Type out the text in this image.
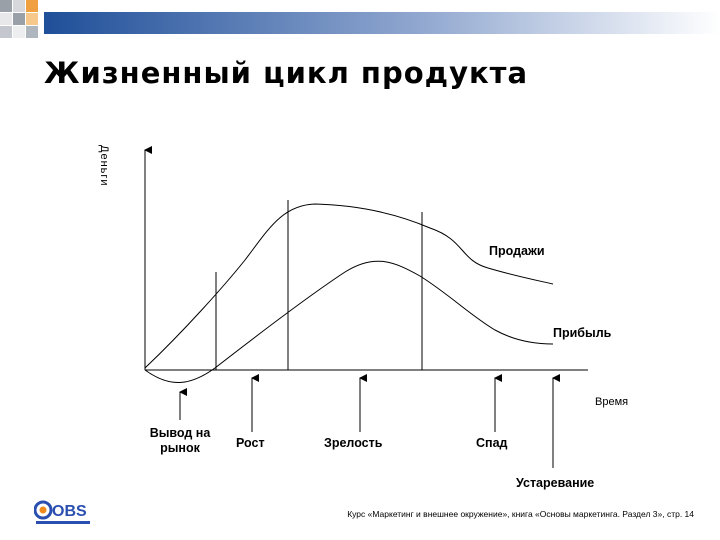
Жизненный цикл продукта
Деньги
Время
Продажи
Прибыль
Вывод на рынок	Рост	Зрелость	Спад
Устаревание
OBS	Курс «Маркетинг и внешнее окружение», книга «Основы маркетинга. Раздел 3», стр. 14
